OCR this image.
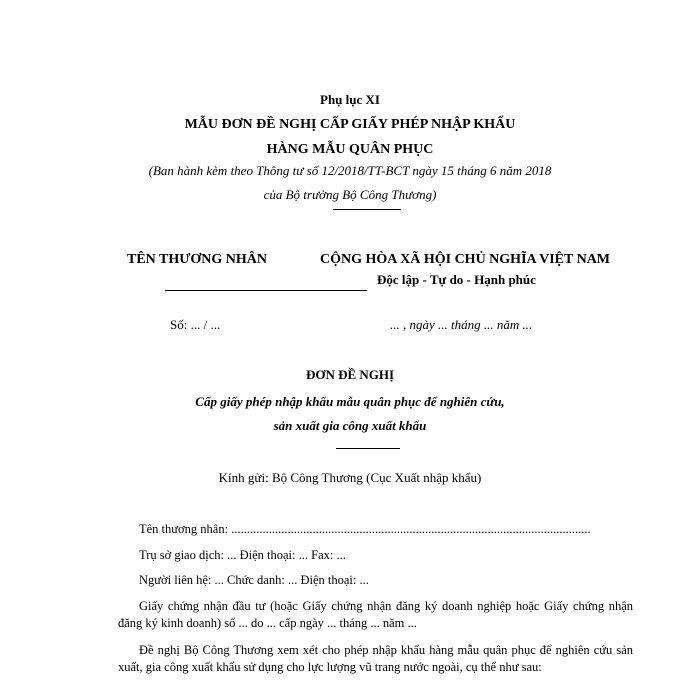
Phụ lục XI
MẪU ĐƠN ĐỀ NGHỊ CẤP GIẤY PHÉP NHẬP KHẨU
HÀNG MẪU QUÂN PHỤC
(Ban hành kèm theo Thông tư số 12/2018/TT-BCT ngày 15 tháng 6 năm 2018
của Bộ trưởng Bộ Công Thương)
TÊN THƯƠNG NHÂN	CỘNG HÒA XÃ HỘI CHỦ NGHĨA VIỆT NAM
Độc lập - Tự do - Hạnh phúc
Số: ... / ...	... , ngày ... tháng ... năm ...
ĐƠN ĐỀ NGHỊ
Cấp giấy phép nhập khẩu mẫu quân phục để nghiên cứu,
sản xuất gia công xuất khẩu
Kính gửi: Bộ Công Thương (Cục Xuất nhập khẩu)
Tên thương nhân: ...................................................................................................................
Trụ sở giao dịch: ... Điện thoại: ... Fax: ...
Người liên hệ: ... Chức danh: ... Điện thoại: ...
Giấy chứng nhận đầu tư (hoặc Giấy chứng nhận đăng ký doanh nghiệp hoặc Giấy chứng nhận đăng ký kinh doanh) số ... do ... cấp ngày ... tháng ... năm ...
Đề nghị Bộ Công Thương xem xét cho phép nhập khẩu hàng mẫu quân phục để nghiên cứu sản xuất, gia công xuất khẩu sử dụng cho lực lượng vũ trang nước ngoài, cụ thể như sau:
